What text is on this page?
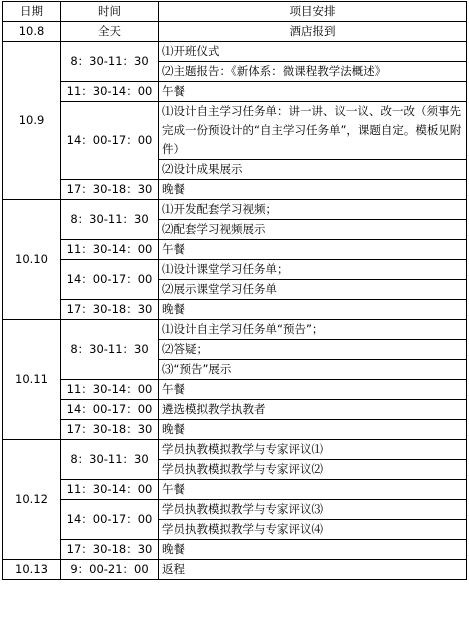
日期	时间	项目安排
10.8	全天	酒店报到

10.9	8：30-11：30	⑴开班仪式
⑵主题报告：《新体系：微课程教学法概述》

	11：30-14：00	午餐

	14：00-17：00	⑴设计自主学习任务单：讲一讲、议一议、改一改（须事先完成一份预设计的“自主学习任务单”，课题自定。模板见附件）
⑵设计成果展示

	17：30-18：30	晚餐

10.10	8：30-11：30	⑴开发配套学习视频；
⑵配套学习视频展示

	11：30-14：00	午餐

	14：00-17：00	⑴设计课堂学习任务单；
⑵展示课堂学习任务单

	17：30-18：30	晚餐

10.11	8：30-11：30	⑴设计自主学习任务单“预告”；
⑵答疑；
⑶“预告”展示

	11：30-14：00	午餐

	14：00-17：00	遴选模拟教学执教者

	17：30-18：30	晚餐

10.12	8：30-11：30	学员执教模拟教学与专家评议⑴
学员执教模拟教学与专家评议⑵

	11：30-14：00	午餐

	14：00-17：00	学员执教模拟教学与专家评议⑶
学员执教模拟教学与专家评议⑷

	17：30-18：30	晚餐

10.13	9：00-21：00	返程
